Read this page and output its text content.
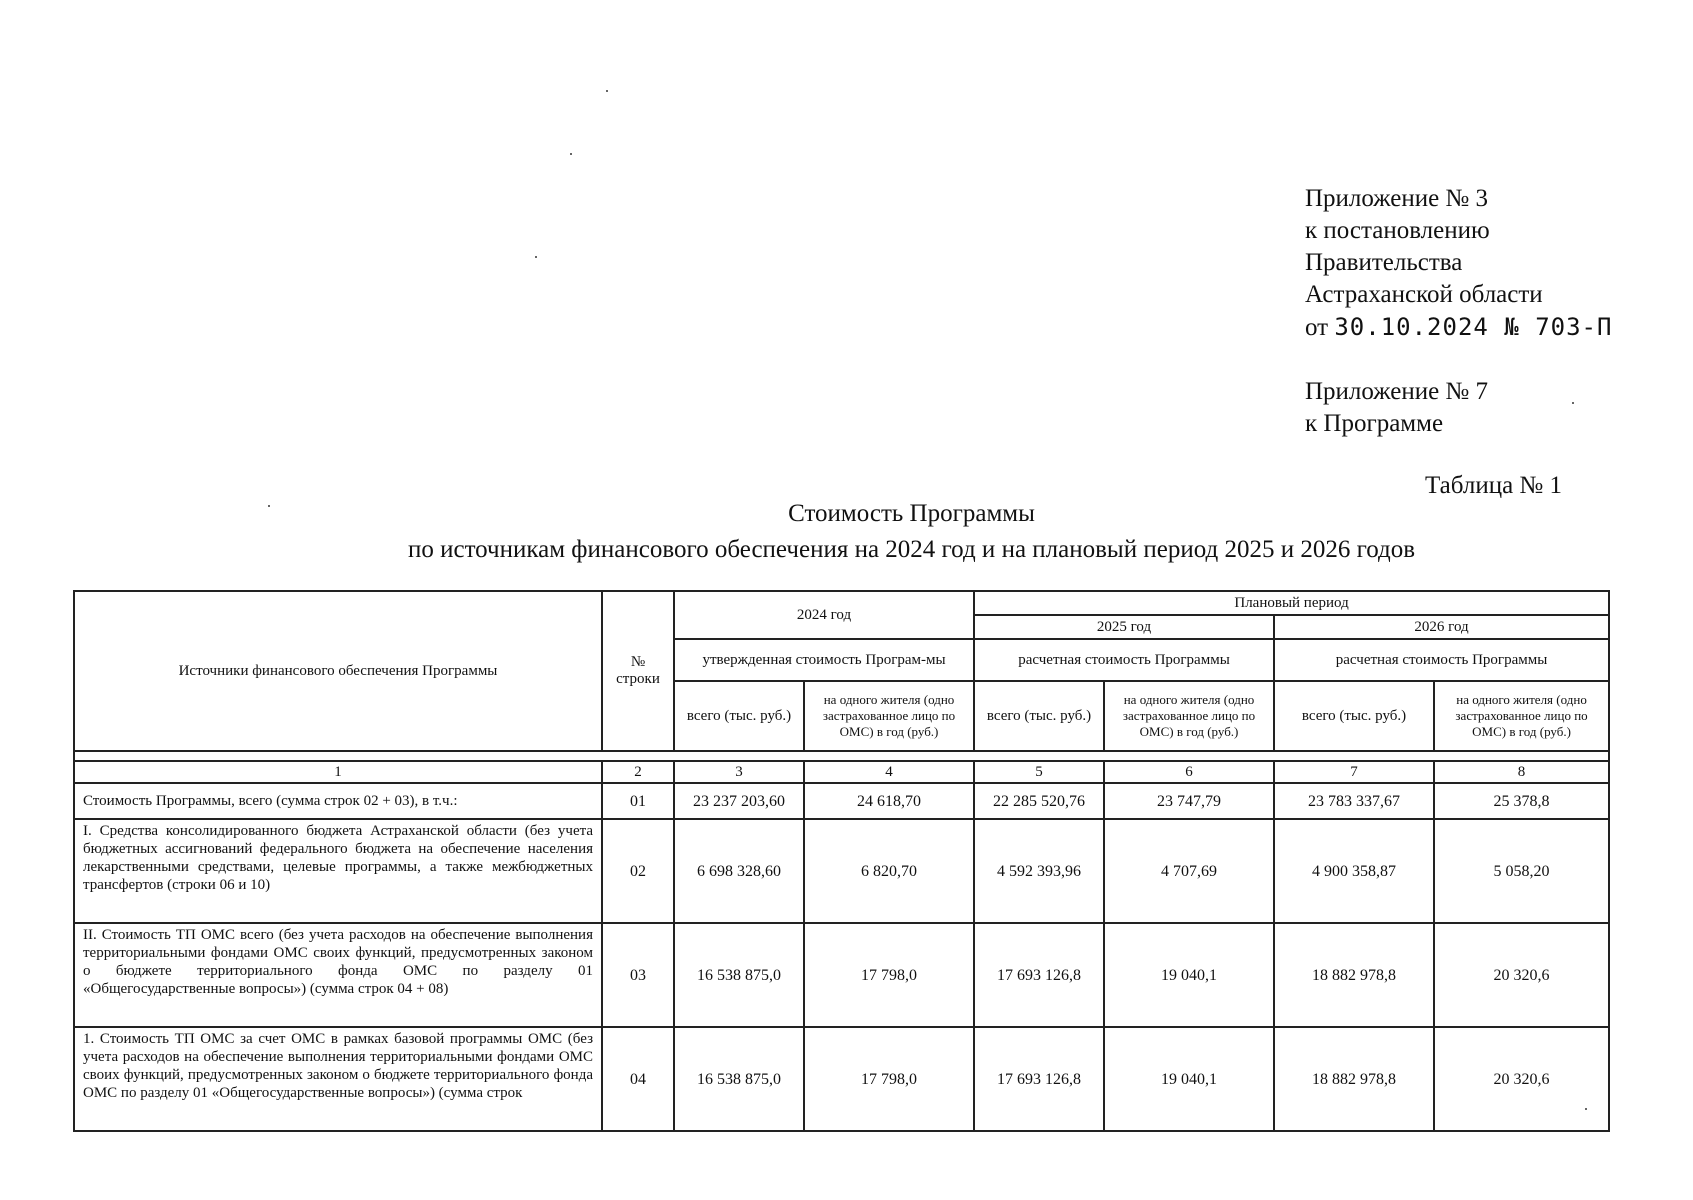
Приложение № 3
к постановлению
Правительства
Астраханской области
от 30.10.2024 № 703-П
Приложение № 7
к Программе
Таблица № 1
Стоимость Программы
по источникам финансового обеспечения на 2024 год и на плановый период 2025 и 2026 годов
Источники финансового обеспечения Программы	№ строки	2024 год		Плановый период			
				2025 год		2026 год	
		утвержденная стоимость Програм-мы		расчетная стоимость Программы		расчетная стоимость Программы	
		всего (тыс. руб.)	на одного жителя (одно застрахованное лицо по ОМС) в год (руб.)	всего (тыс. руб.)	на одного жителя (одно застрахованное лицо по ОМС) в год (руб.)	всего (тыс. руб.)	на одного жителя (одно застрахованное лицо по ОМС) в год (руб.)

1	2	3	4	5	6	7	8
Стоимость Программы, всего (сумма строк 02 + 03), в т.ч.:	01	23 237 203,60	24 618,70	22 285 520,76	23 747,79	23 783 337,67	25 378,8
I. Средства консолидированного бюджета Астраханской области (без учета бюджетных ассигнований федерального бюджета на обеспечение населения лекарственными средствами, целевые программы, а также межбюджетных трансфертов (строки 06 и 10)	02	6 698 328,60	6 820,70	4 592 393,96	4 707,69	4 900 358,87	5 058,20
II. Стоимость ТП ОМС всего (без учета расходов на обеспечение выполнения территориальными фондами ОМС своих функций, предусмотренных законом о бюджете территориального фонда ОМС по разделу 01 «Общегосударственные вопросы») (сумма строк 04 + 08)	03	16 538 875,0	17 798,0	17 693 126,8	19 040,1	18 882 978,8	20 320,6
1. Стоимость ТП ОМС за счет ОМС в рамках базовой программы ОМС (без учета расходов на обеспечение выполнения территориальными фондами ОМС своих функций, предусмотренных законом о бюджете территориального фонда ОМС по разделу 01 «Общегосударственные вопросы») (сумма строк	04	16 538 875,0	17 798,0	17 693 126,8	19 040,1	18 882 978,8	20 320,6
